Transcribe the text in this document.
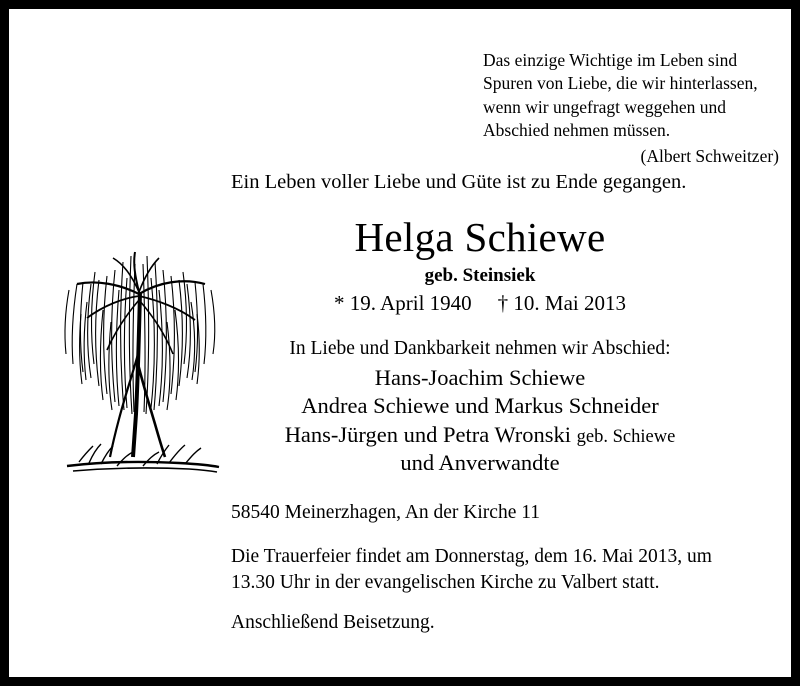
Das einzige Wichtige im Leben sind
Spuren von Liebe, die wir hinterlassen,
wenn wir ungefragt weggehen und
Abschied nehmen müssen.
(Albert Schweitzer)
Ein Leben voller Liebe und Güte ist zu Ende gegangen.
Helga Schiewe
geb. Steinsiek
* 19. April 1940 † 10. Mai 2013
In Liebe und Dankbarkeit nehmen wir Abschied:
Hans-Joachim Schiewe
Andrea Schiewe und Markus Schneider
Hans-Jürgen und Petra Wronski geb. Schiewe
und Anverwandte
58540 Meinerzhagen, An der Kirche 11
Die Trauerfeier findet am Donnerstag, dem 16. Mai 2013, um
13.30 Uhr in der evangelischen Kirche zu Valbert statt.
Anschließend Beisetzung.
